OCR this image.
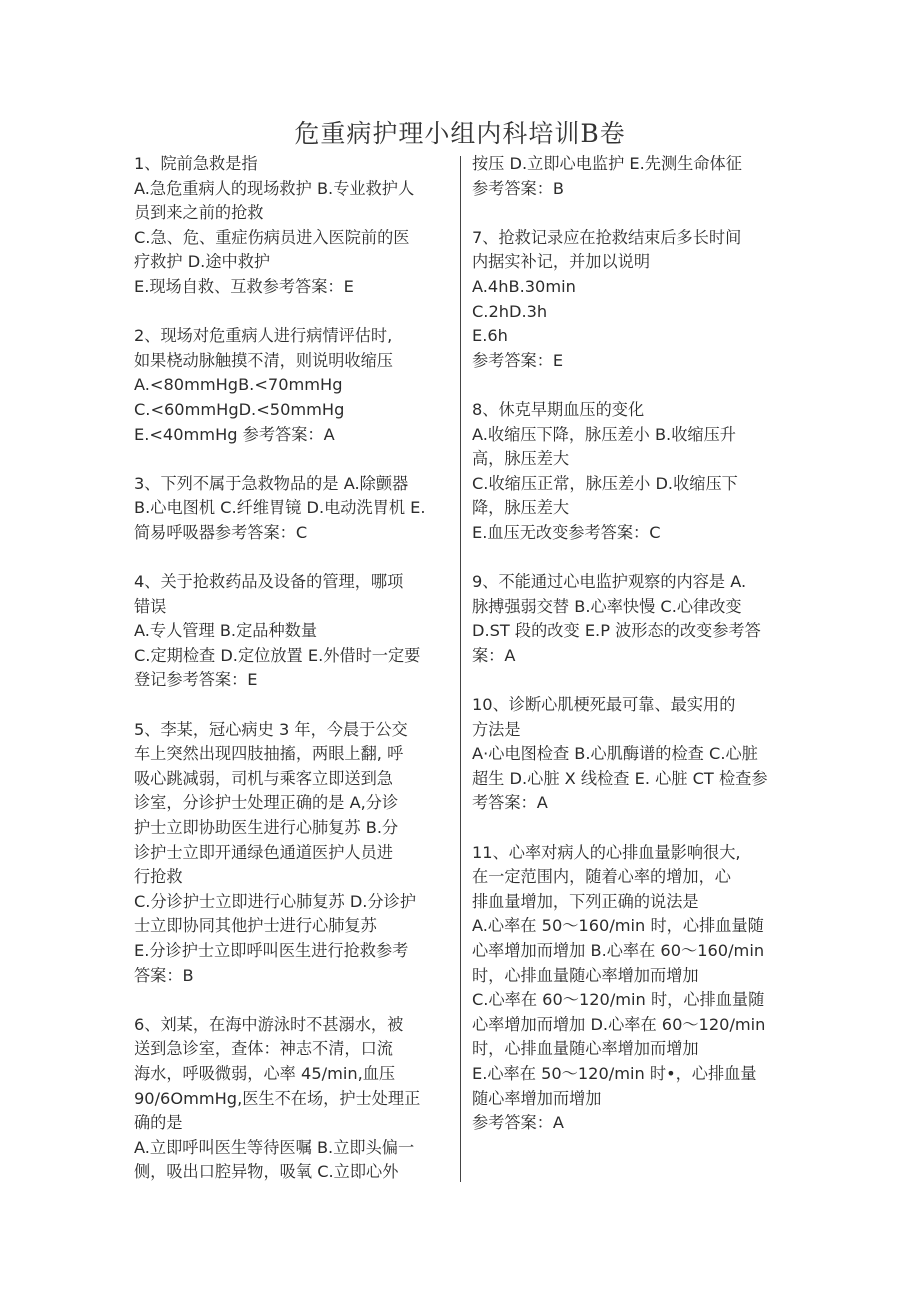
危重病护理小组内科培训B卷
1、院前急救是指
A.急危重病人的现场救护 B.专业救护人
员到来之前的抢救
C.急、危、重症伤病员进入医院前的医
疗救护 D.途中救护
E.现场自救、互救参考答案：E
2、现场对危重病人进行病情评估时,
如果桡动脉触摸不清，则说明收缩压
A.<80mmHgB.<70mmHg
C.<60mmHgD.<50mmHg
E.<40mmHg 参考答案：A
3、下列不属于急救物品的是 A.除颤器
B.心电图机 C.纤维胃镜 D.电动洗胃机 E.
简易呼吸器参考答案：C
4、关于抢救药品及设备的管理，哪项
错误
A.专人管理 B.定品种数量
C.定期检查 D.定位放置 E.外借时一定要
登记参考答案：E
5、李某，冠心病史 3 年，今晨于公交
车上突然出现四肢抽搐，两眼上翻, 呼
吸心跳减弱，司机与乘客立即送到急
诊室，分诊护士处理正确的是 A,分诊
护士立即协助医生进行心肺复苏 B.分
诊护士立即开通绿色通道医护人员进
行抢救
C.分诊护士立即进行心肺复苏 D.分诊护
士立即协同其他护士进行心肺复苏
E.分诊护士立即呼叫医生进行抢救参考
答案：B
6、刘某，在海中游泳时不甚溺水，被
送到急诊室，查体：神志不清，口流
海水，呼吸微弱，心率 45/min,血压
90/6OmmHg,医生不在场，护士处理正
确的是
A.立即呼叫医生等待医嘱 B.立即头偏一
侧，吸出口腔异物，吸氧 C.立即心外
按压 D.立即心电监护 E.先测生命体征
参考答案：B
7、抢救记录应在抢救结束后多长时间
内据实补记，并加以说明
A.4hB.30min
C.2hD.3h
E.6h
参考答案：E
8、休克早期血压的变化
A.收缩压下降，脉压差小 B.收缩压升
高，脉压差大
C.收缩压正常，脉压差小 D.收缩压下
降，脉压差大
E.血压无改变参考答案：C
9、不能通过心电监护观察的内容是 A.
脉搏强弱交替 B.心率快慢 C.心律改变
D.ST 段的改变 E.P 波形态的改变参考答
案：A
10、诊断心肌梗死最可靠、最实用的
方法是
A·心电图检查 B.心肌酶谱的检查 C.心脏
超生 D.心脏 X 线检查 E. 心脏 CT 检查参
考答案：A
11、心率对病人的心排血量影响很大,
在一定范围内，随着心率的增加，心
排血量增加，下列正确的说法是
A.心率在 50～160/min 时，心排血量随
心率增加而增加 B.心率在 60～160/min
时，心排血量随心率增加而增加
C.心率在 60～120/min 时，心排血量随
心率增加而增加 D.心率在 60～120/min
时，心排血量随心率增加而增加
E.心率在 50～120/min 时•，心排血量
随心率增加而增加
参考答案：A
